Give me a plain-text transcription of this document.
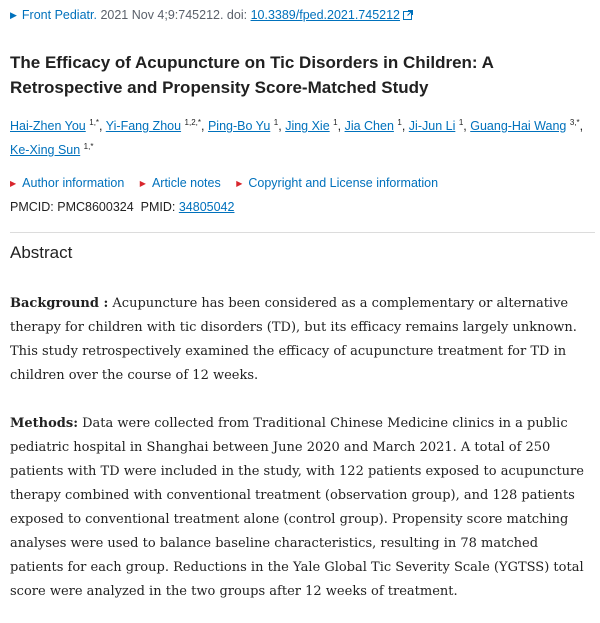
▶ Front Pediatr. 2021 Nov 4;9:745212. doi: 10.3389/fped.2021.745212
The Efficacy of Acupuncture on Tic Disorders in Children: A Retrospective and Propensity Score-Matched Study

Hai-Zhen You $^{1,*}$, Yi-Fang Zhou $^{1,2,*}$, Ping-Bo Yu $^1$, Jing Xie $^1$, Jia Chen $^1$, Ji-Jun Li $^1$, Guang-Hai Wang $^{3,*}$, Ke-Xing Sun $^{1,*}$

▶ Author information ▶ Article notes ▶ Copyright and License information
PMCID: PMC8600324 PMID: 34805042
Abstract

Background : Acupuncture has been considered as a complementary or alternative therapy for children with tic disorders (TD), but its efficacy remains largely unknown. This study retrospectively examined the efficacy of acupuncture treatment for TD in children over the course of 12 weeks.

Methods: Data were collected from Traditional Chinese Medicine clinics in a public pediatric hospital in Shanghai between June 2020 and March 2021. A total of 250 patients with TD were included in the study, with 122 patients exposed to acupuncture therapy combined with conventional treatment (observation group), and 128 patients exposed to conventional treatment alone (control group). Propensity score matching analyses were used to balance baseline characteristics, resulting in 78 matched patients for each group. Reductions in the Yale Global Tic Severity Scale (YGTSS) total score were analyzed in the two groups after 12 weeks of treatment.
